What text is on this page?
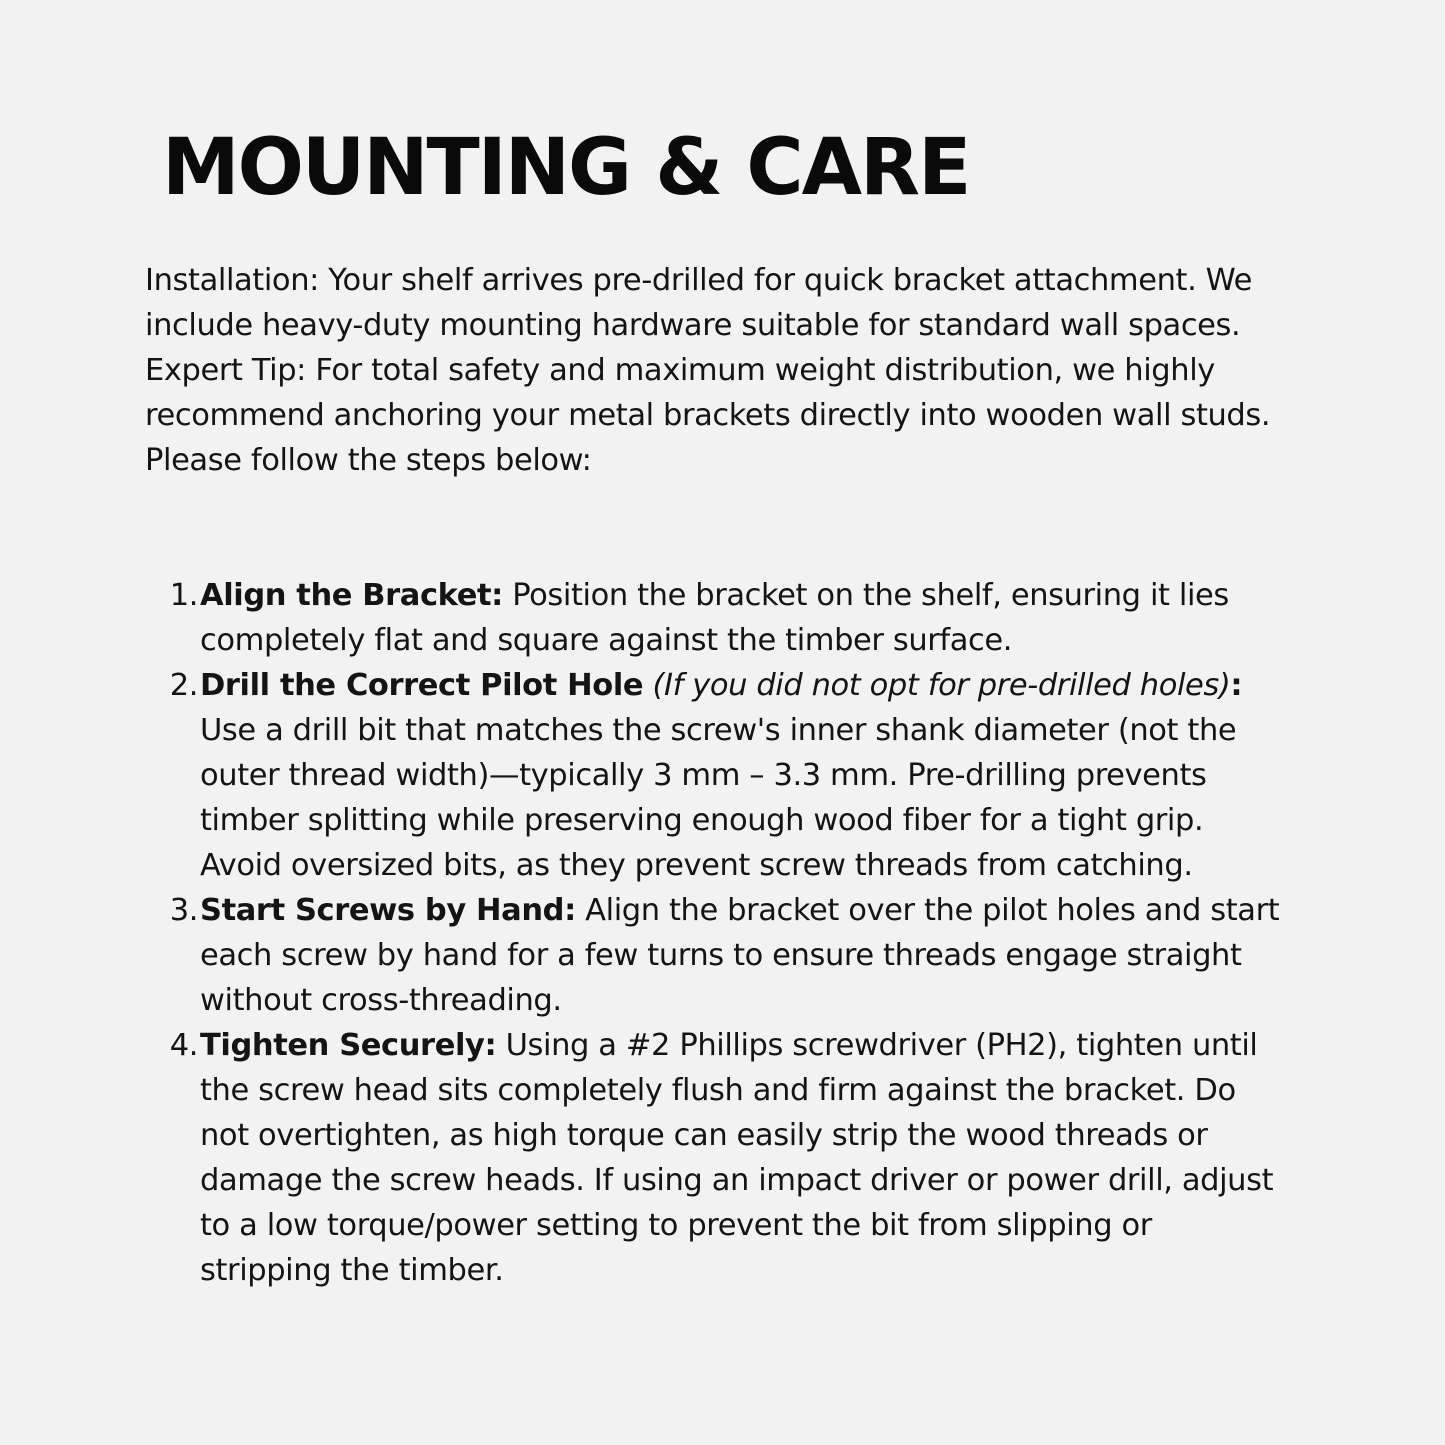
MOUNTING & CARE

Installation: Your shelf arrives pre-drilled for quick bracket attachment. We include heavy-duty mounting hardware suitable for standard wall spaces. Expert Tip: For total safety and maximum weight distribution, we highly recommend anchoring your metal brackets directly into wooden wall studs. Please follow the steps below:

1. Align the Bracket: Position the bracket on the shelf, ensuring it lies completely flat and square against the timber surface.
2. Drill the Correct Pilot Hole (If you did not opt for pre-drilled holes): Use a drill bit that matches the screw's inner shank diameter (not the outer thread width)—typically 3 mm – 3.3 mm. Pre-drilling prevents timber splitting while preserving enough wood fiber for a tight grip. Avoid oversized bits, as they prevent screw threads from catching.
3. Start Screws by Hand: Align the bracket over the pilot holes and start each screw by hand for a few turns to ensure threads engage straight without cross-threading.
4. Tighten Securely: Using a #2 Phillips screwdriver (PH2), tighten until the screw head sits completely flush and firm against the bracket. Do not overtighten, as high torque can easily strip the wood threads or damage the screw heads. If using an impact driver or power drill, adjust to a low torque/power setting to prevent the bit from slipping or stripping the timber.
